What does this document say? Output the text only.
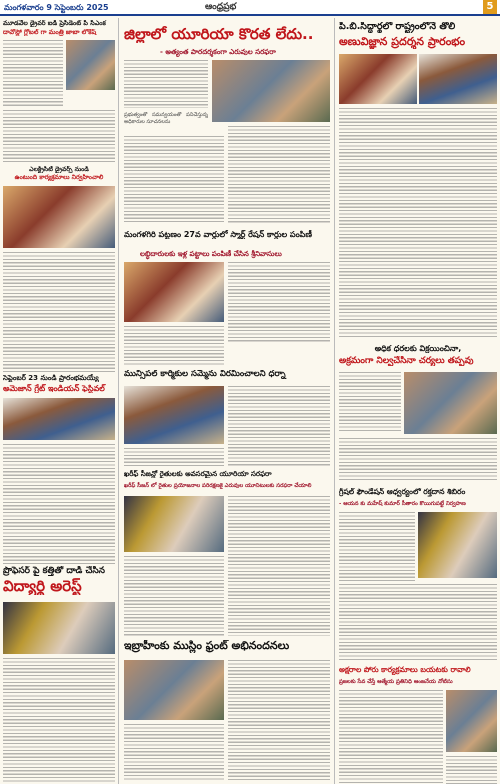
మంగళవారం 9 సెప్టెంబరు 2025	ఆంధ్రప్రభ	5
మూడవేల డ్రైవర్ ఐడీ ప్రెసిడెంట్ పీ సీఎంక
దావోస్లో గ్లోబల్ గా మంత్రి జాబా లోకేష్
ఎలక్ట్రిసిటీ డ్రైవర్స్ నుండి
ఉంటుంది కార్యక్రమాలు నిర్వహించాలి
సెప్టెంబర్ 23 నుండి ప్రారంభమయ్యే
అమెజాన్ గ్రేట్ ఇండియన్ ఫెస్టివల్
ప్రొఫెసర్ పై కత్తితో దాడి చేసిన
విద్యార్థి అరెస్ట్
జిల్లాలో యూరియా కొరత లేదు..
- అత్యంత పారదర్శకంగా ఎరువుల సరఫరా
ప్రభుత్వంతో సమన్వయంతో పనిచేస్తున్న అధికారుల సూచనలను
మంగళగిరి పట్టణం 27వ వార్డులో స్మార్ట్ రేషన్ కార్డుల పంపిణీ
లబ్ధిదారులకు ఇళ్ల పట్టాలు పంపిణీ చేసిన శ్రీనివాసులు
మున్సిపల్ కార్మికుల సమ్మెను విరమించాలని ధర్నా
ఖరీఫ్ సీజన్లో రైతులకు అవసరమైన యూరియా సరఫరా
ఖరీఫ్ సీజన్ లో రైతుల ప్రయోజనాల పరిరక్షణకై ఎరువుల యూనిటులకు సరఫరా చేయాలి
ఇబ్రాహీంకు ముస్లిం ఫ్రంట్ అభినందనలు
పి.బి.సిద్ధార్థలో రాష్ట్రంలోనే తొలి
అణువిజ్ఞాన ప్రదర్శన ప్రారంభం
అధిక ధరలకు విక్రయించినా,
అక్రమంగా నిల్వచేసినా చర్యలు తప్పవు
గ్రీషల్ ఫౌండేషన్ ఆధ్వర్యంలో రక్తదాన శిబిరం
- ఆయన కు మహేష్ కుమార్ సీతారం కొయిగుపట్టే నిర్వహణ
అక్షరాల పోరు కార్యక్రమాలు బయటకు రావాలి
ప్రజలకు సేవ చేస్తే ఆత్మేయ ప్రతినిధి ఆంజనేయ నోటిసు
